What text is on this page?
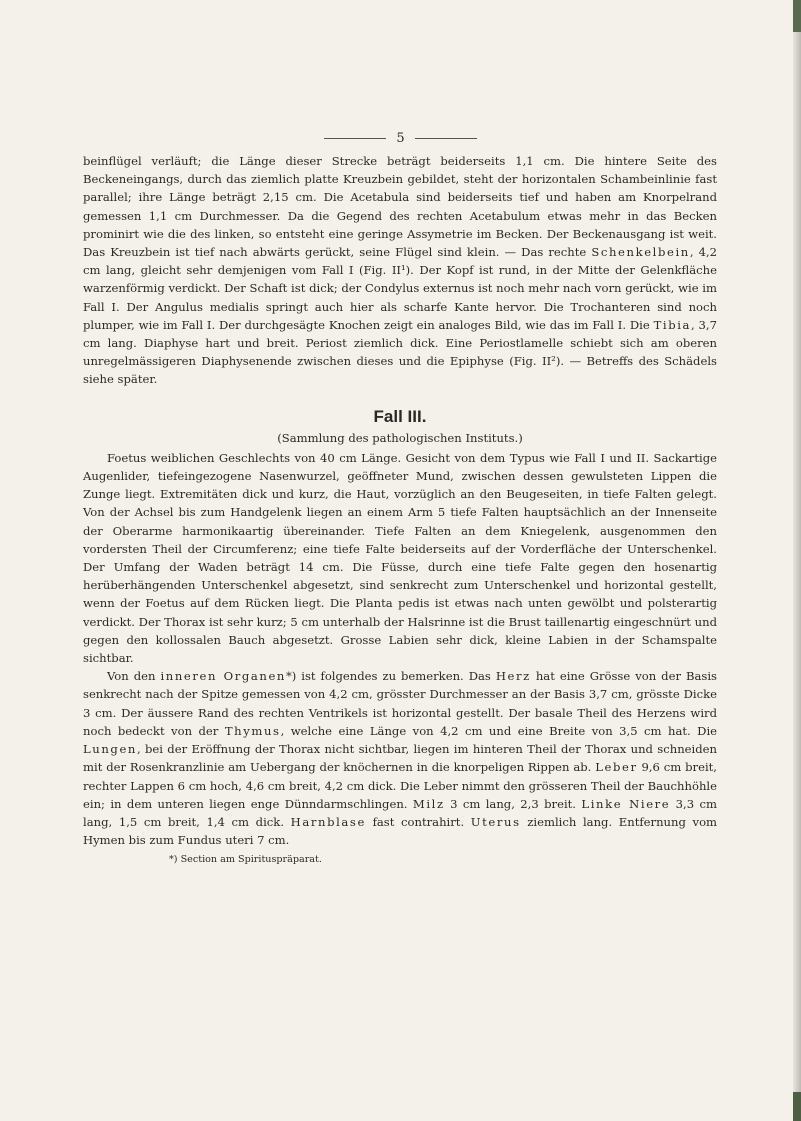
5

beinflügel verläuft; die Länge dieser Strecke beträgt beiderseits 1,1 cm. Die hintere Seite des Beckeneingangs, durch das ziemlich platte Kreuzbein gebildet, steht der horizontalen Schambeinlinie fast parallel; ihre Länge beträgt 2,15 cm. Die Acetabula sind beiderseits tief und haben am Knorpelrand gemessen 1,1 cm Durchmesser. Da die Gegend des rechten Acetabulum etwas mehr in das Becken prominirt wie die des linken, so entsteht eine geringe Assymetrie im Becken. Der Beckenausgang ist weit. Das Kreuzbein ist tief nach abwärts gerückt, seine Flügel sind klein. — Das rechte Schenkelbein, 4,2 cm lang, gleicht sehr demjenigen vom Fall I (Fig. II¹). Der Kopf ist rund, in der Mitte der Gelenkfläche warzenförmig verdickt. Der Schaft ist dick; der Condylus externus ist noch mehr nach vorn gerückt, wie im Fall I. Der Angulus medialis springt auch hier als scharfe Kante hervor. Die Trochanteren sind noch plumper, wie im Fall I. Der durchgesägte Knochen zeigt ein analoges Bild, wie das im Fall I. Die Tibia, 3,7 cm lang. Diaphyse hart und breit. Periost ziemlich dick. Eine Periostlamelle schiebt sich am oberen unregelmässigeren Diaphysenende zwischen dieses und die Epiphyse (Fig. II²). — Betreffs des Schädels siehe später.

Fall III.
(Sammlung des pathologischen Instituts.)

Foetus weiblichen Geschlechts von 40 cm Länge. Gesicht von dem Typus wie Fall I und II. Sackartige Augenlider, tiefeingezogene Nasenwurzel, geöffneter Mund, zwischen dessen gewulsteten Lippen die Zunge liegt. Extremitäten dick und kurz, die Haut, vorzüglich an den Beugeseiten, in tiefe Falten gelegt. Von der Achsel bis zum Handgelenk liegen an einem Arm 5 tiefe Falten hauptsächlich an der Innenseite der Oberarme harmonikaartig übereinander. Tiefe Falten an dem Kniegelenk, ausgenommen den vordersten Theil der Circumferenz; eine tiefe Falte beiderseits auf der Vorderfläche der Unterschenkel. Der Umfang der Waden beträgt 14 cm. Die Füsse, durch eine tiefe Falte gegen den hosenartig herüberhängenden Unterschenkel abgesetzt, sind senkrecht zum Unterschenkel und horizontal gestellt, wenn der Foetus auf dem Rücken liegt. Die Planta pedis ist etwas nach unten gewölbt und polsterartig verdickt. Der Thorax ist sehr kurz; 5 cm unterhalb der Halsrinne ist die Brust taillenartig eingeschnürt und gegen den kollossalen Bauch abgesetzt. Grosse Labien sehr dick, kleine Labien in der Schamspalte sichtbar.

Von den inneren Organen*) ist folgendes zu bemerken. Das Herz hat eine Grösse von der Basis senkrecht nach der Spitze gemessen von 4,2 cm, grösster Durchmesser an der Basis 3,7 cm, grösste Dicke 3 cm. Der äussere Rand des rechten Ventrikels ist horizontal gestellt. Der basale Theil des Herzens wird noch bedeckt von der Thymus, welche eine Länge von 4,2 cm und eine Breite von 3,5 cm hat. Die Lungen, bei der Eröffnung der Thorax nicht sichtbar, liegen im hinteren Theil der Thorax und schneiden mit der Rosenkranzlinie am Uebergang der knöchernen in die knorpeligen Rippen ab. Leber 9,6 cm breit, rechter Lappen 6 cm hoch, 4,6 cm breit, 4,2 cm dick. Die Leber nimmt den grösseren Theil der Bauchhöhle ein; in dem unteren liegen enge Dünndarmschlingen. Milz 3 cm lang, 2,3 breit. Linke Niere 3,3 cm lang, 1,5 cm breit, 1,4 cm dick. Harnblase fast contrahirt. Uterus ziemlich lang. Entfernung vom Hymen bis zum Fundus uteri 7 cm.

*) Section am Spirituspräparat.
